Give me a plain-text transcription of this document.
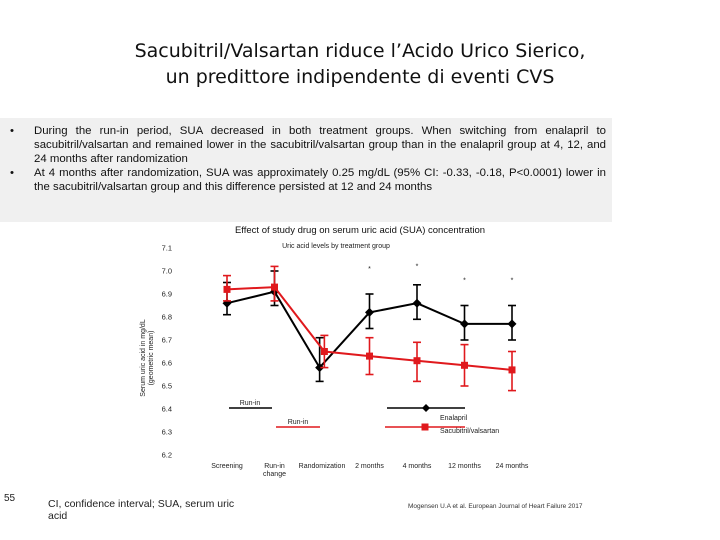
Sacubitril/Valsartan riduce l’Acido Urico Sierico,
un predittore indipendente di eventi CVS
• During the run-in period, SUA decreased in both treatment groups. When switching from enalapril to sacubitril/valsartan and remained lower in the sacubitril/valsartan group than in the enalapril group at 4, 12, and 24 months after randomization
• At 4 months after randomization, SUA was approximately 0.25 mg/dL (95% CI: -0.33, -0.18, P<0.0001) lower in the sacubitril/valsartan group and this difference persisted at 12 and 24 months
Effect of study drug on serum uric acid (SUA) concentration
Uric acid levels by treatment group
7.1
7.0
6.9
6.8
6.7
6.6
6.5
6.4
6.3
6.2
Serum uric acid in mg/dL (geometric mean)
Screening	Run-in
change
Randomization 2 months	4 months 12 months 24 months
*	*
*	*
Run-in
Run-in
Enalapril
Sacubitril/valsartan
55	CI, confidence interval; SUA, serum uric acid
Mogensen U.A et al. European Journal of Heart Failure 2017
